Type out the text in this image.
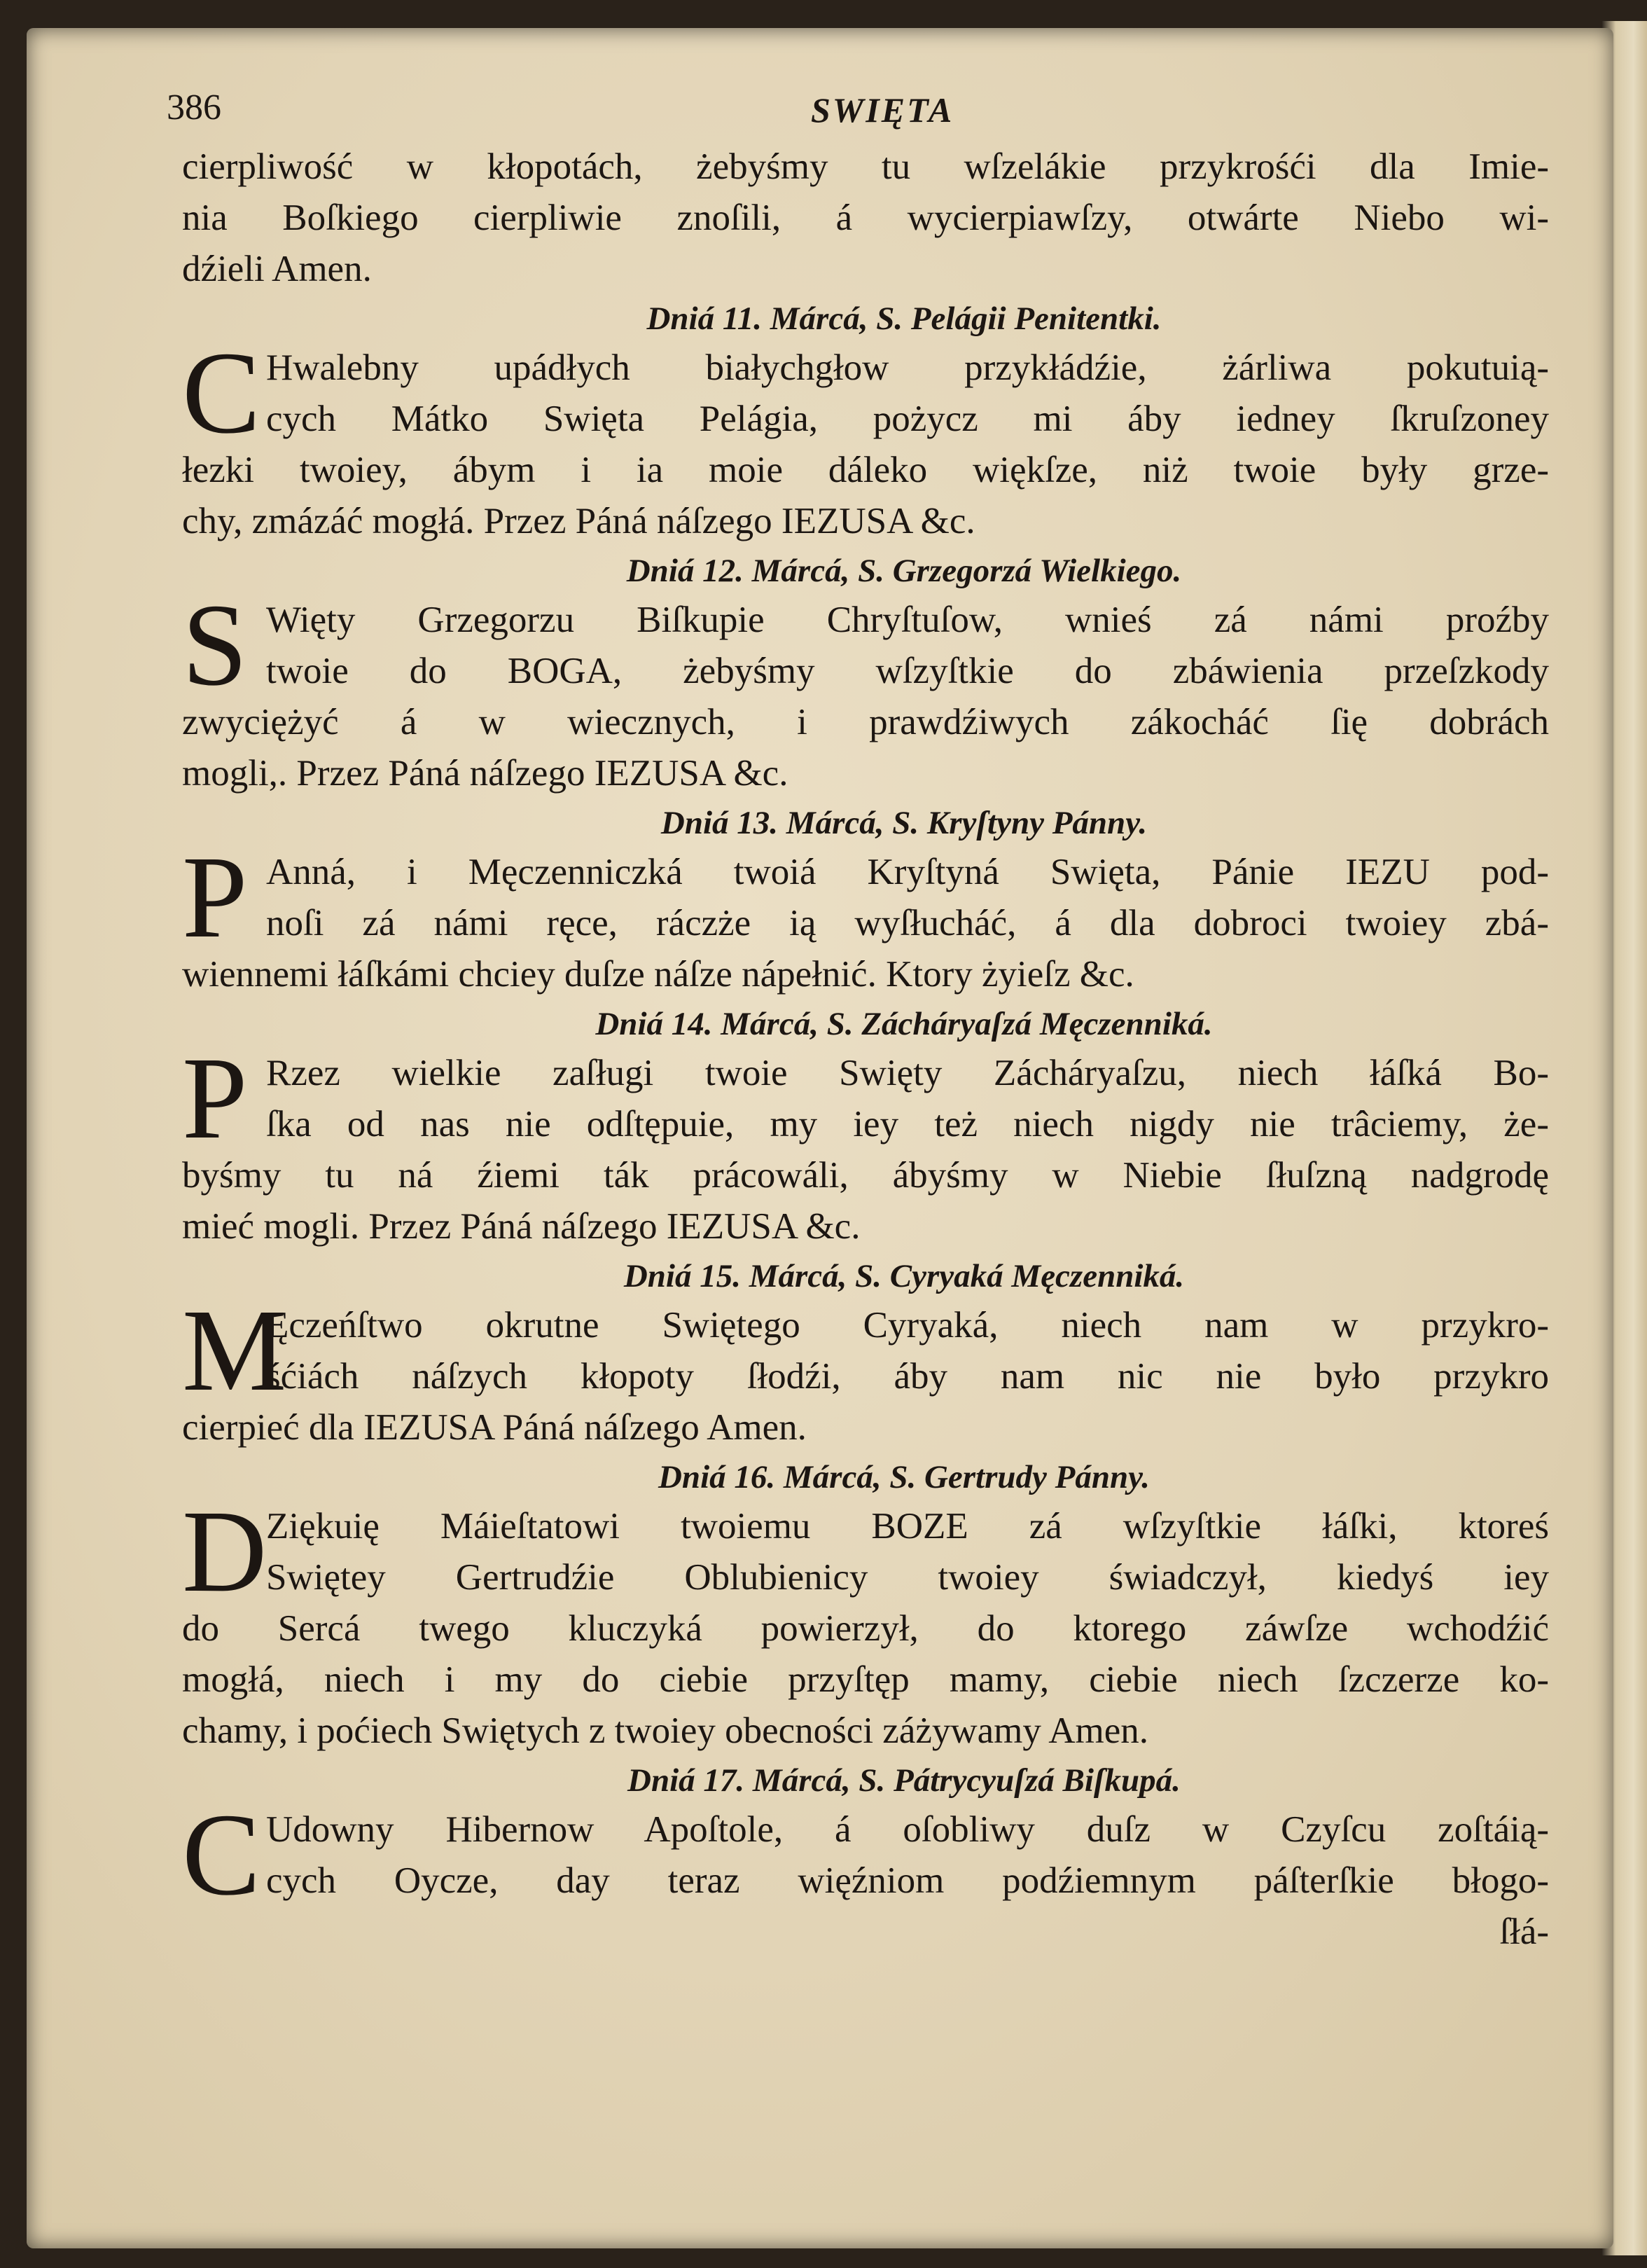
386	SWIĘTA
cierpliwość w kłopotách, żebyśmy tu wſzelákie przykrośći dla Imie-
nia Boſkiego cierpliwie znoſili, á wycierpiawſzy, otwárte Niebo wi-
dźieli Amen.
Dniá 11. Márcá, S. Pelágii Penitentki.
C Hwalebny upádłych białychgłow przykłádźie, żárliwa pokutuią-
cych Mátko Swięta Pelágia, pożycz mi áby iedney ſkruſzoney
łezki twoiey, ábym i ia moie dáleko więkſze, niż twoie były grze-
chy, zmázáć mogłá. Przez Páná náſzego IEZUSA &c.
Dniá 12. Márcá, S. Grzegorzá Wielkiego.
S Więty Grzegorzu Biſkupie Chryſtuſow, wnieś zá námi proźby
twoie do BOGA, żebyśmy wſzyſtkie do zbáwienia przeſzkody
zwyciężyć á w wiecznych, i prawdźiwych zákocháć ſię dobrách
mogli,. Przez Páná náſzego IEZUSA &c.
Dniá 13. Márcá, S. Kryſtyny Pánny.
P Anná, i Męczenniczká twoiá Kryſtyná Swięta, Pánie IEZU pod-
noſi zá námi ręce, ráczże ią wyſłucháć, á dla dobroci twoiey zbá-
wiennemi łáſkámi chciey duſze náſze nápełnić. Ktory żyieſz &c.
Dniá 14. Márcá, S. Zácháryaſzá Męczenniká.
P Rzez wielkie zaſługi twoie Swięty Zácháryaſzu, niech łáſká Bo-
ſka od nas nie odſtępuie, my iey też niech nigdy nie trâciemy, że-
byśmy tu ná źiemi ták prácowáli, ábyśmy w Niebie ſłuſzną nadgrodę
mieć mogli. Przez Páná náſzego IEZUSA &c.
Dniá 15. Márcá, S. Cyryaká Męczenniká.
M
Ęczeńſtwo okrutne Swiętego Cyryaká, niech nam w przykro-
śćiách náſzych kłopoty ſłodźi, áby nam nic nie było przykro
cierpieć dla IEZUSA Páná náſzego Amen.
Dniá 16. Márcá, S. Gertrudy Pánny.
D
Ziękuię Máieſtatowi twoiemu BOZE zá wſzyſtkie łáſki, ktoreś
Swiętey Gertrudźie Oblubienicy twoiey świadczył, kiedyś iey
do Sercá twego kluczyká powierzył, do ktorego záwſze wchodźić
mogłá, niech i my do ciebie przyſtęp mamy, ciebie niech ſzczerze ko-
chamy, i poćiech Swiętych z twoiey obecności záżywamy Amen.
Dniá 17. Márcá, S. Pátrycyuſzá Biſkupá.
C Udowny Hibernow Apoſtole, á oſobliwy duſz w Czyſcu zoſtáią-
cych Oycze, day teraz więźniom podźiemnym páſterſkie błogo-
ſłá-
